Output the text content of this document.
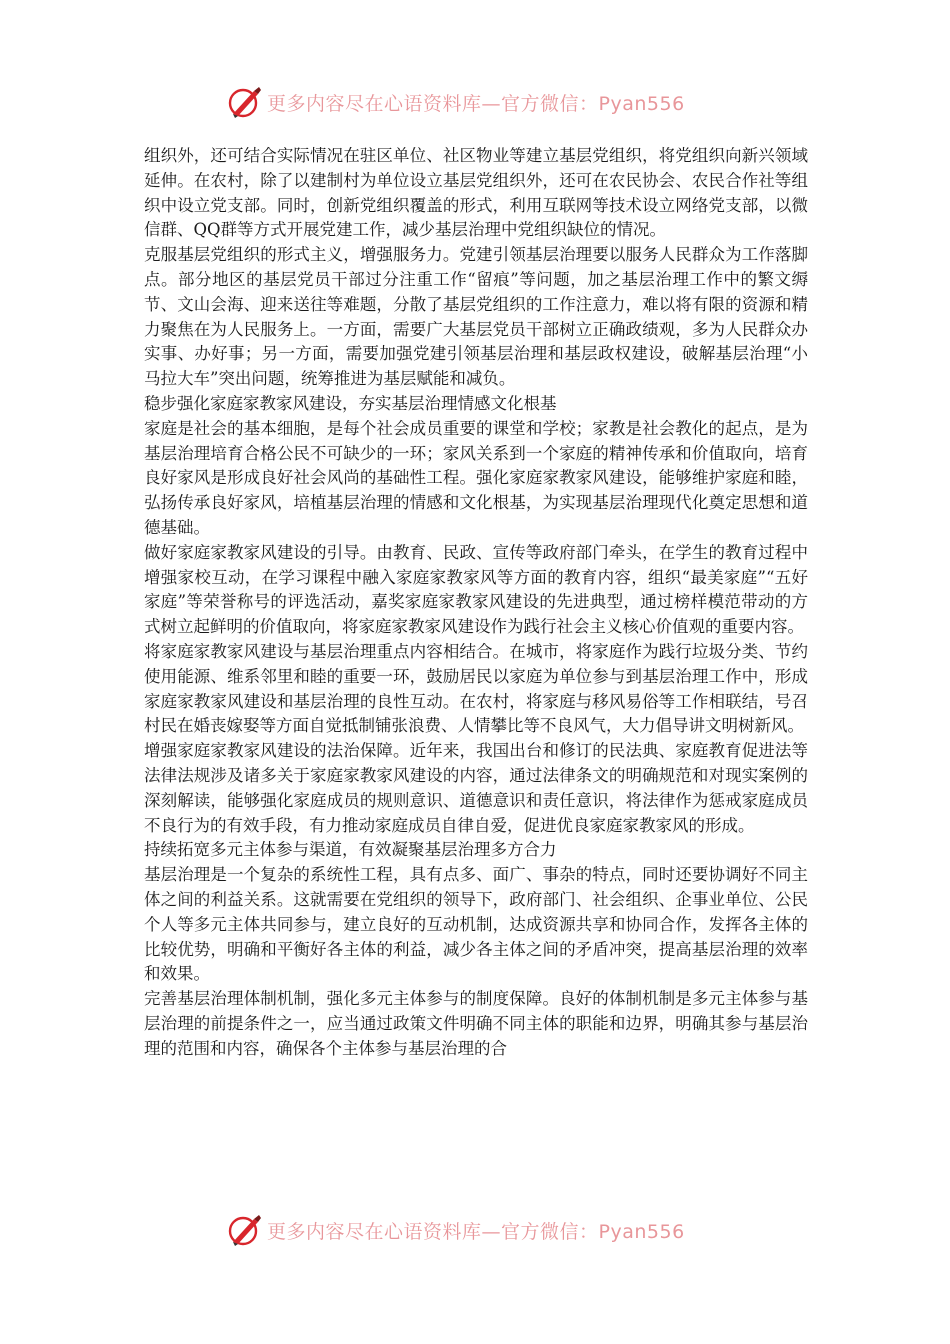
更多内容尽在心语资料库—官方微信：Pyan556

组织外，还可结合实际情况在驻区单位、社区物业等建立基层党组织，将党组织向新兴领域延伸。在农村，除了以建制村为单位设立基层党组织外，还可在农民协会、农民合作社等组织中设立党支部。同时，创新党组织覆盖的形式，利用互联网等技术设立网络党支部，以微信群、QQ群等方式开展党建工作，减少基层治理中党组织缺位的情况。

克服基层党组织的形式主义，增强服务力。党建引领基层治理要以服务人民群众为工作落脚点。部分地区的基层党员干部过分注重工作“留痕”等问题，加之基层治理工作中的繁文缛节、文山会海、迎来送往等难题，分散了基层党组织的工作注意力，难以将有限的资源和精力聚焦在为人民服务上。一方面，需要广大基层党员干部树立正确政绩观，多为人民群众办实事、办好事；另一方面，需要加强党建引领基层治理和基层政权建设，破解基层治理“小马拉大车”突出问题，统筹推进为基层赋能和减负。

稳步强化家庭家教家风建设，夯实基层治理情感文化根基

家庭是社会的基本细胞，是每个社会成员重要的课堂和学校；家教是社会教化的起点，是为基层治理培育合格公民不可缺少的一环；家风关系到一个家庭的精神传承和价值取向，培育良好家风是形成良好社会风尚的基础性工程。强化家庭家教家风建设，能够维护家庭和睦，弘扬传承良好家风，培植基层治理的情感和文化根基，为实现基层治理现代化奠定思想和道德基础。

做好家庭家教家风建设的引导。由教育、民政、宣传等政府部门牵头，在学生的教育过程中增强家校互动，在学习课程中融入家庭家教家风等方面的教育内容，组织“最美家庭”“五好家庭”等荣誉称号的评选活动，嘉奖家庭家教家风建设的先进典型，通过榜样模范带动的方式树立起鲜明的价值取向，将家庭家教家风建设作为践行社会主义核心价值观的重要内容。

将家庭家教家风建设与基层治理重点内容相结合。在城市，将家庭作为践行垃圾分类、节约使用能源、维系邻里和睦的重要一环，鼓励居民以家庭为单位参与到基层治理工作中，形成家庭家教家风建设和基层治理的良性互动。在农村，将家庭与移风易俗等工作相联结，号召村民在婚丧嫁娶等方面自觉抵制铺张浪费、人情攀比等不良风气，大力倡导讲文明树新风。

增强家庭家教家风建设的法治保障。近年来，我国出台和修订的民法典、家庭教育促进法等法律法规涉及诸多关于家庭家教家风建设的内容，通过法律条文的明确规范和对现实案例的深刻解读，能够强化家庭成员的规则意识、道德意识和责任意识，将法律作为惩戒家庭成员不良行为的有效手段，有力推动家庭成员自律自爱，促进优良家庭家教家风的形成。

持续拓宽多元主体参与渠道，有效凝聚基层治理多方合力

基层治理是一个复杂的系统性工程，具有点多、面广、事杂的特点，同时还要协调好不同主体之间的利益关系。这就需要在党组织的领导下，政府部门、社会组织、企事业单位、公民个人等多元主体共同参与，建立良好的互动机制，达成资源共享和协同合作，发挥各主体的比较优势，明确和平衡好各主体的利益，减少各主体之间的矛盾冲突，提高基层治理的效率和效果。

完善基层治理体制机制，强化多元主体参与的制度保障。良好的体制机制是多元主体参与基层治理的前提条件之一，应当通过政策文件明确不同主体的职能和边界，明确其参与基层治理的范围和内容，确保各个主体参与基层治理的合

更多内容尽在心语资料库—官方微信：Pyan556
